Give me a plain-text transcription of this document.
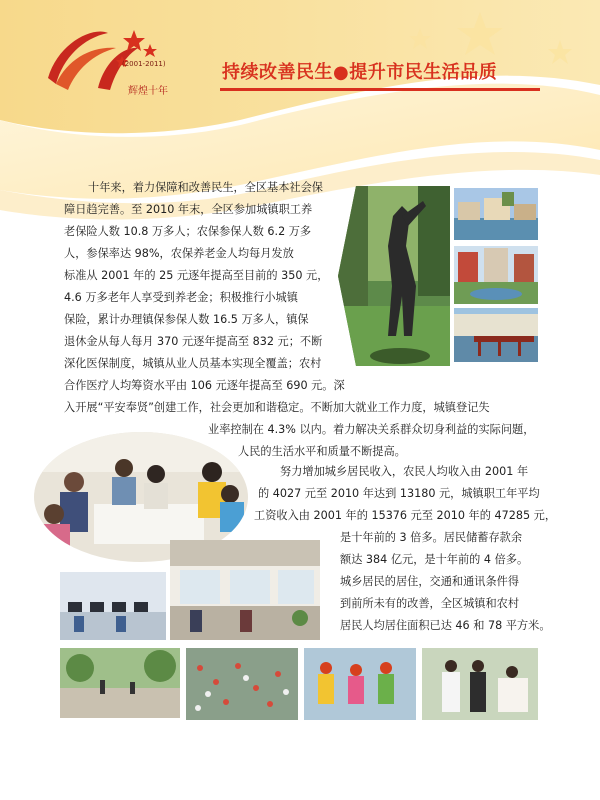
(2001-2011)
辉煌十年
持续改善民生●提升市民生活品质
十年来，着力保障和改善民生，全区基本社会保
障日趋完善。至 2010 年末，全区参加城镇职工养
老保险人数 10.8 万多人；农保参保人数 6.2 万多
人，参保率达 98%，农保养老金人均每月发放
标准从 2001 年的 25 元逐年提高至目前的 350 元，
4.6 万多老年人享受到养老金；积极推行小城镇
保险，累计办理镇保参保人数 16.5 万多人，镇保
退休金从每人每月 370 元逐年提高至 832 元；不断
深化医保制度，城镇从业人员基本实现全覆盖；农村
合作医疗人均筹资水平由 106 元逐年提高至 690 元。深
入开展“平安奉贤”创建工作，社会更加和谐稳定。不断加大就业工作力度，城镇登记失
业率控制在 4.3% 以内。着力解决关系群众切身利益的实际问题，
人民的生活水平和质量不断提高。
努力增加城乡居民收入，农民人均收入由 2001 年
的 4027 元至 2010 年达到 13180 元，城镇职工年平均
工资收入由 2001 年的 15376 元至 2010 年的 47285 元，
是十年前的 3 倍多。居民储蓄存款余
额达 384 亿元，是十年前的 4 倍多。
城乡居民的居住，交通和通讯条件得
到前所未有的改善，全区城镇和农村
居民人均居住面积已达 46 和 78 平方米。
